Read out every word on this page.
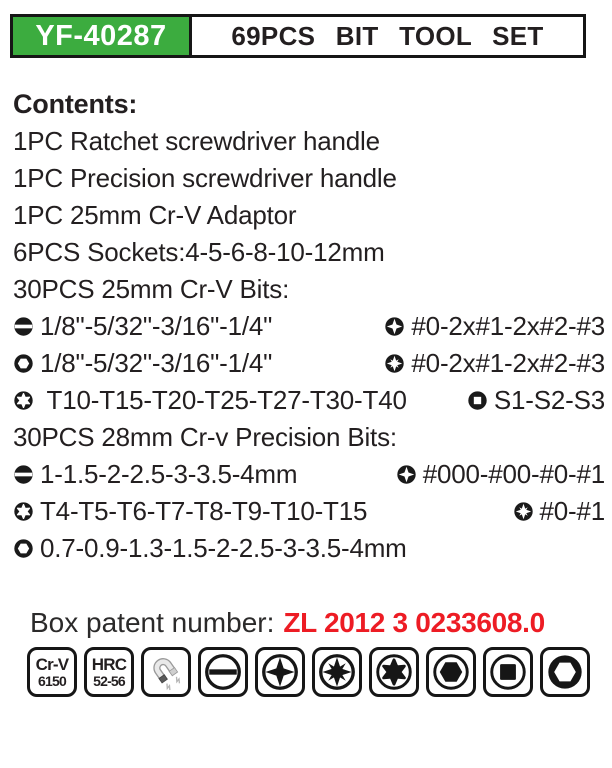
YF-40287	69PCS BIT TOOL SET
Contents:
1PC Ratchet screwdriver handle
1PC Precision screwdriver handle
1PC 25mm Cr-V Adaptor
6PCS Sockets:4-5-6-8-10-12mm
30PCS 25mm Cr-V Bits:
1/8"-5/32"-3/16"-1/4"	#0-2x#1-2x#2-#3
1/8"-5/32"-3/16"-1/4"	#0-2x#1-2x#2-#3
T10-T15-T20-T25-T27-T30-T40	S1-S2-S3
30PCS 28mm Cr-v Precision Bits:
1-1.5-2-2.5-3-3.5-4mm	#000-#00-#0-#1
T4-T5-T6-T7-T8-T9-T10-T15	#0-#1
0.7-0.9-1.3-1.5-2-2.5-3-3.5-4mm
Box patent number: ZL 2012 3 0233608.0
Cr-V
6150
HRC
52-56
